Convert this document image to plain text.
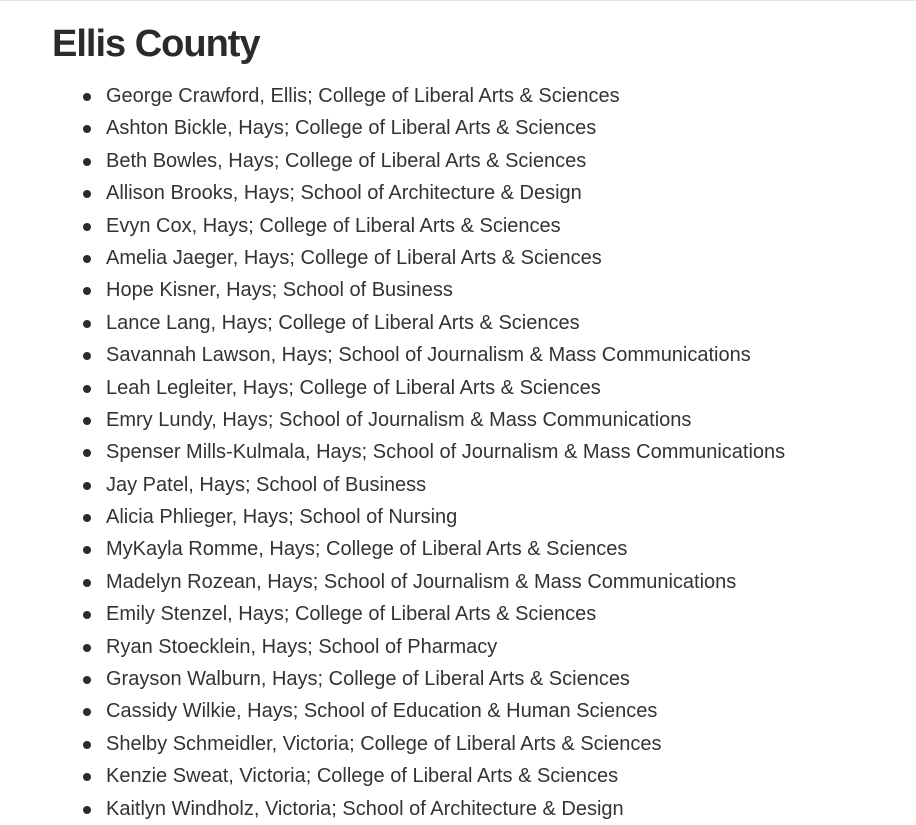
Ellis County
George Crawford, Ellis; College of Liberal Arts & Sciences
Ashton Bickle, Hays; College of Liberal Arts & Sciences
Beth Bowles, Hays; College of Liberal Arts & Sciences
Allison Brooks, Hays; School of Architecture & Design
Evyn Cox, Hays; College of Liberal Arts & Sciences
Amelia Jaeger, Hays; College of Liberal Arts & Sciences
Hope Kisner, Hays; School of Business
Lance Lang, Hays; College of Liberal Arts & Sciences
Savannah Lawson, Hays; School of Journalism & Mass Communications
Leah Legleiter, Hays; College of Liberal Arts & Sciences
Emry Lundy, Hays; School of Journalism & Mass Communications
Spenser Mills-Kulmala, Hays; School of Journalism & Mass Communications
Jay Patel, Hays; School of Business
Alicia Phlieger, Hays; School of Nursing
MyKayla Romme, Hays; College of Liberal Arts & Sciences
Madelyn Rozean, Hays; School of Journalism & Mass Communications
Emily Stenzel, Hays; College of Liberal Arts & Sciences
Ryan Stoecklein, Hays; School of Pharmacy
Grayson Walburn, Hays; College of Liberal Arts & Sciences
Cassidy Wilkie, Hays; School of Education & Human Sciences
Shelby Schmeidler, Victoria; College of Liberal Arts & Sciences
Kenzie Sweat, Victoria; College of Liberal Arts & Sciences
Kaitlyn Windholz, Victoria; School of Architecture & Design
